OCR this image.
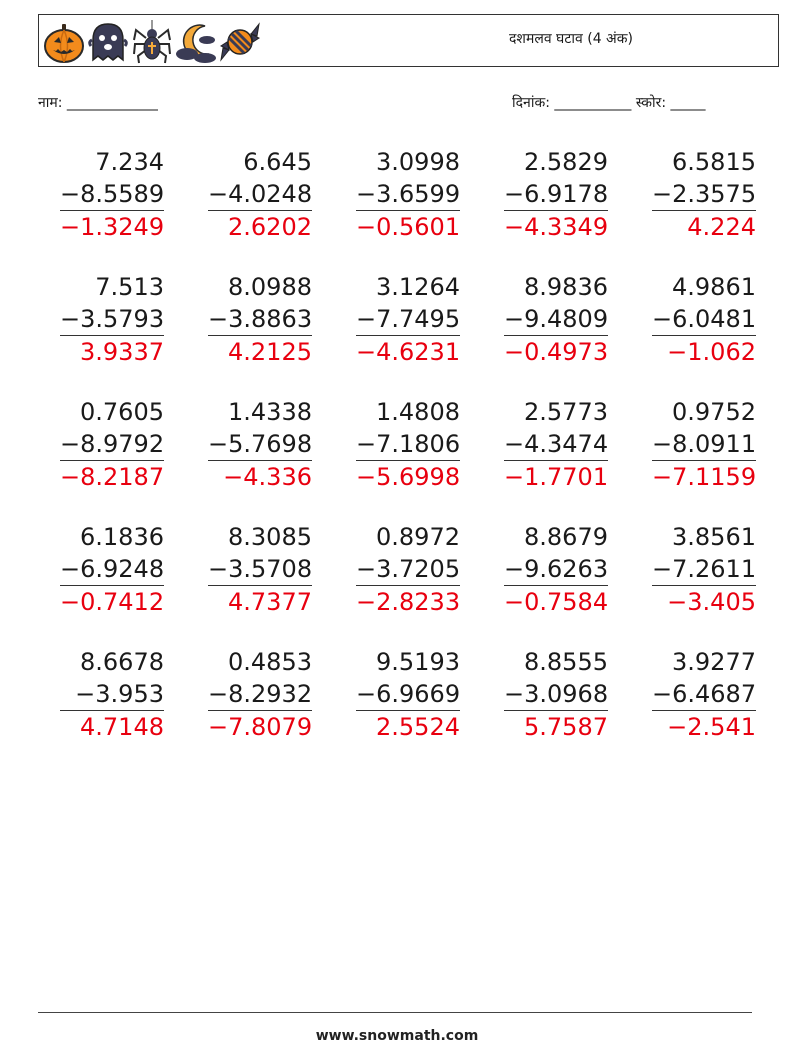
दशमलव घटाव (4 अंक)
नाम: _____________	दिनांक: ___________ स्कोर: _____
7.234
−8.5589
−1.3249
6.645
−4.0248
2.6202
3.0998
−3.6599
−0.5601
2.5829
−6.9178
−4.3349
6.5815
−2.3575
4.224
7.513
−3.5793
3.9337
8.0988
−3.8863
4.2125
3.1264
−7.7495
−4.6231
8.9836
−9.4809
−0.4973
4.9861
−6.0481
−1.062
0.7605
−8.9792
−8.2187
1.4338
−5.7698
−4.336
1.4808
−7.1806
−5.6998
2.5773
−4.3474
−1.7701
0.9752
−8.0911
−7.1159
6.1836
−6.9248
−0.7412
8.3085
−3.5708
4.7377
0.8972
−3.7205
−2.8233
8.8679
−9.6263
−0.7584
3.8561
−7.2611
−3.405
8.6678
−3.953
4.7148
0.4853
−8.2932
−7.8079
9.5193
−6.9669
2.5524
8.8555
−3.0968
5.7587
3.9277
−6.4687
−2.541
www.snowmath.com
